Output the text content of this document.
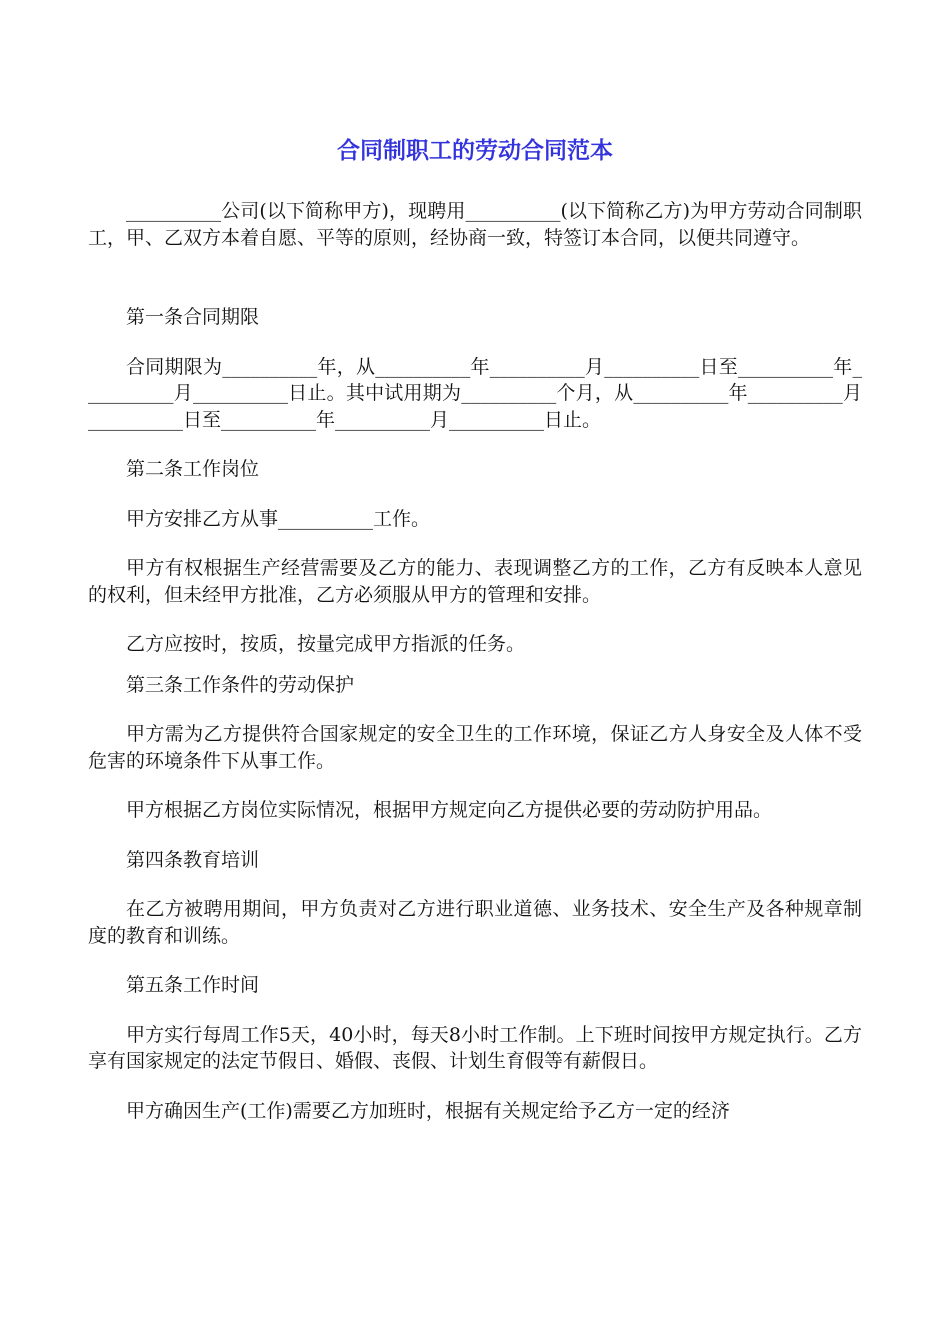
合同制职工的劳动合同范本

__________公司(以下简称甲方)，现聘用__________(以下简称乙方)为甲方劳动合同制职工，甲、乙双方本着自愿、平等的原则，经协商一致，特签订本合同，以便共同遵守。

第一条合同期限

合同期限为__________年，从__________年__________月__________日至__________年__________月__________日止。其中试用期为__________个月，从__________年__________月__________日至__________年__________月__________日止。

第二条工作岗位

甲方安排乙方从事__________工作。

甲方有权根据生产经营需要及乙方的能力、表现调整乙方的工作，乙方有反映本人意见的权利，但未经甲方批准，乙方必须服从甲方的管理和安排。

乙方应按时，按质，按量完成甲方指派的任务。

第三条工作条件的劳动保护

甲方需为乙方提供符合国家规定的安全卫生的工作环境，保证乙方人身安全及人体不受危害的环境条件下从事工作。

甲方根据乙方岗位实际情况，根据甲方规定向乙方提供必要的劳动防护用品。

第四条教育培训

在乙方被聘用期间，甲方负责对乙方进行职业道德、业务技术、安全生产及各种规章制度的教育和训练。

第五条工作时间

甲方实行每周工作5天，40小时，每天8小时工作制。上下班时间按甲方规定执行。乙方享有国家规定的法定节假日、婚假、丧假、计划生育假等有薪假日。

甲方确因生产(工作)需要乙方加班时，根据有关规定给予乙方一定的经济
